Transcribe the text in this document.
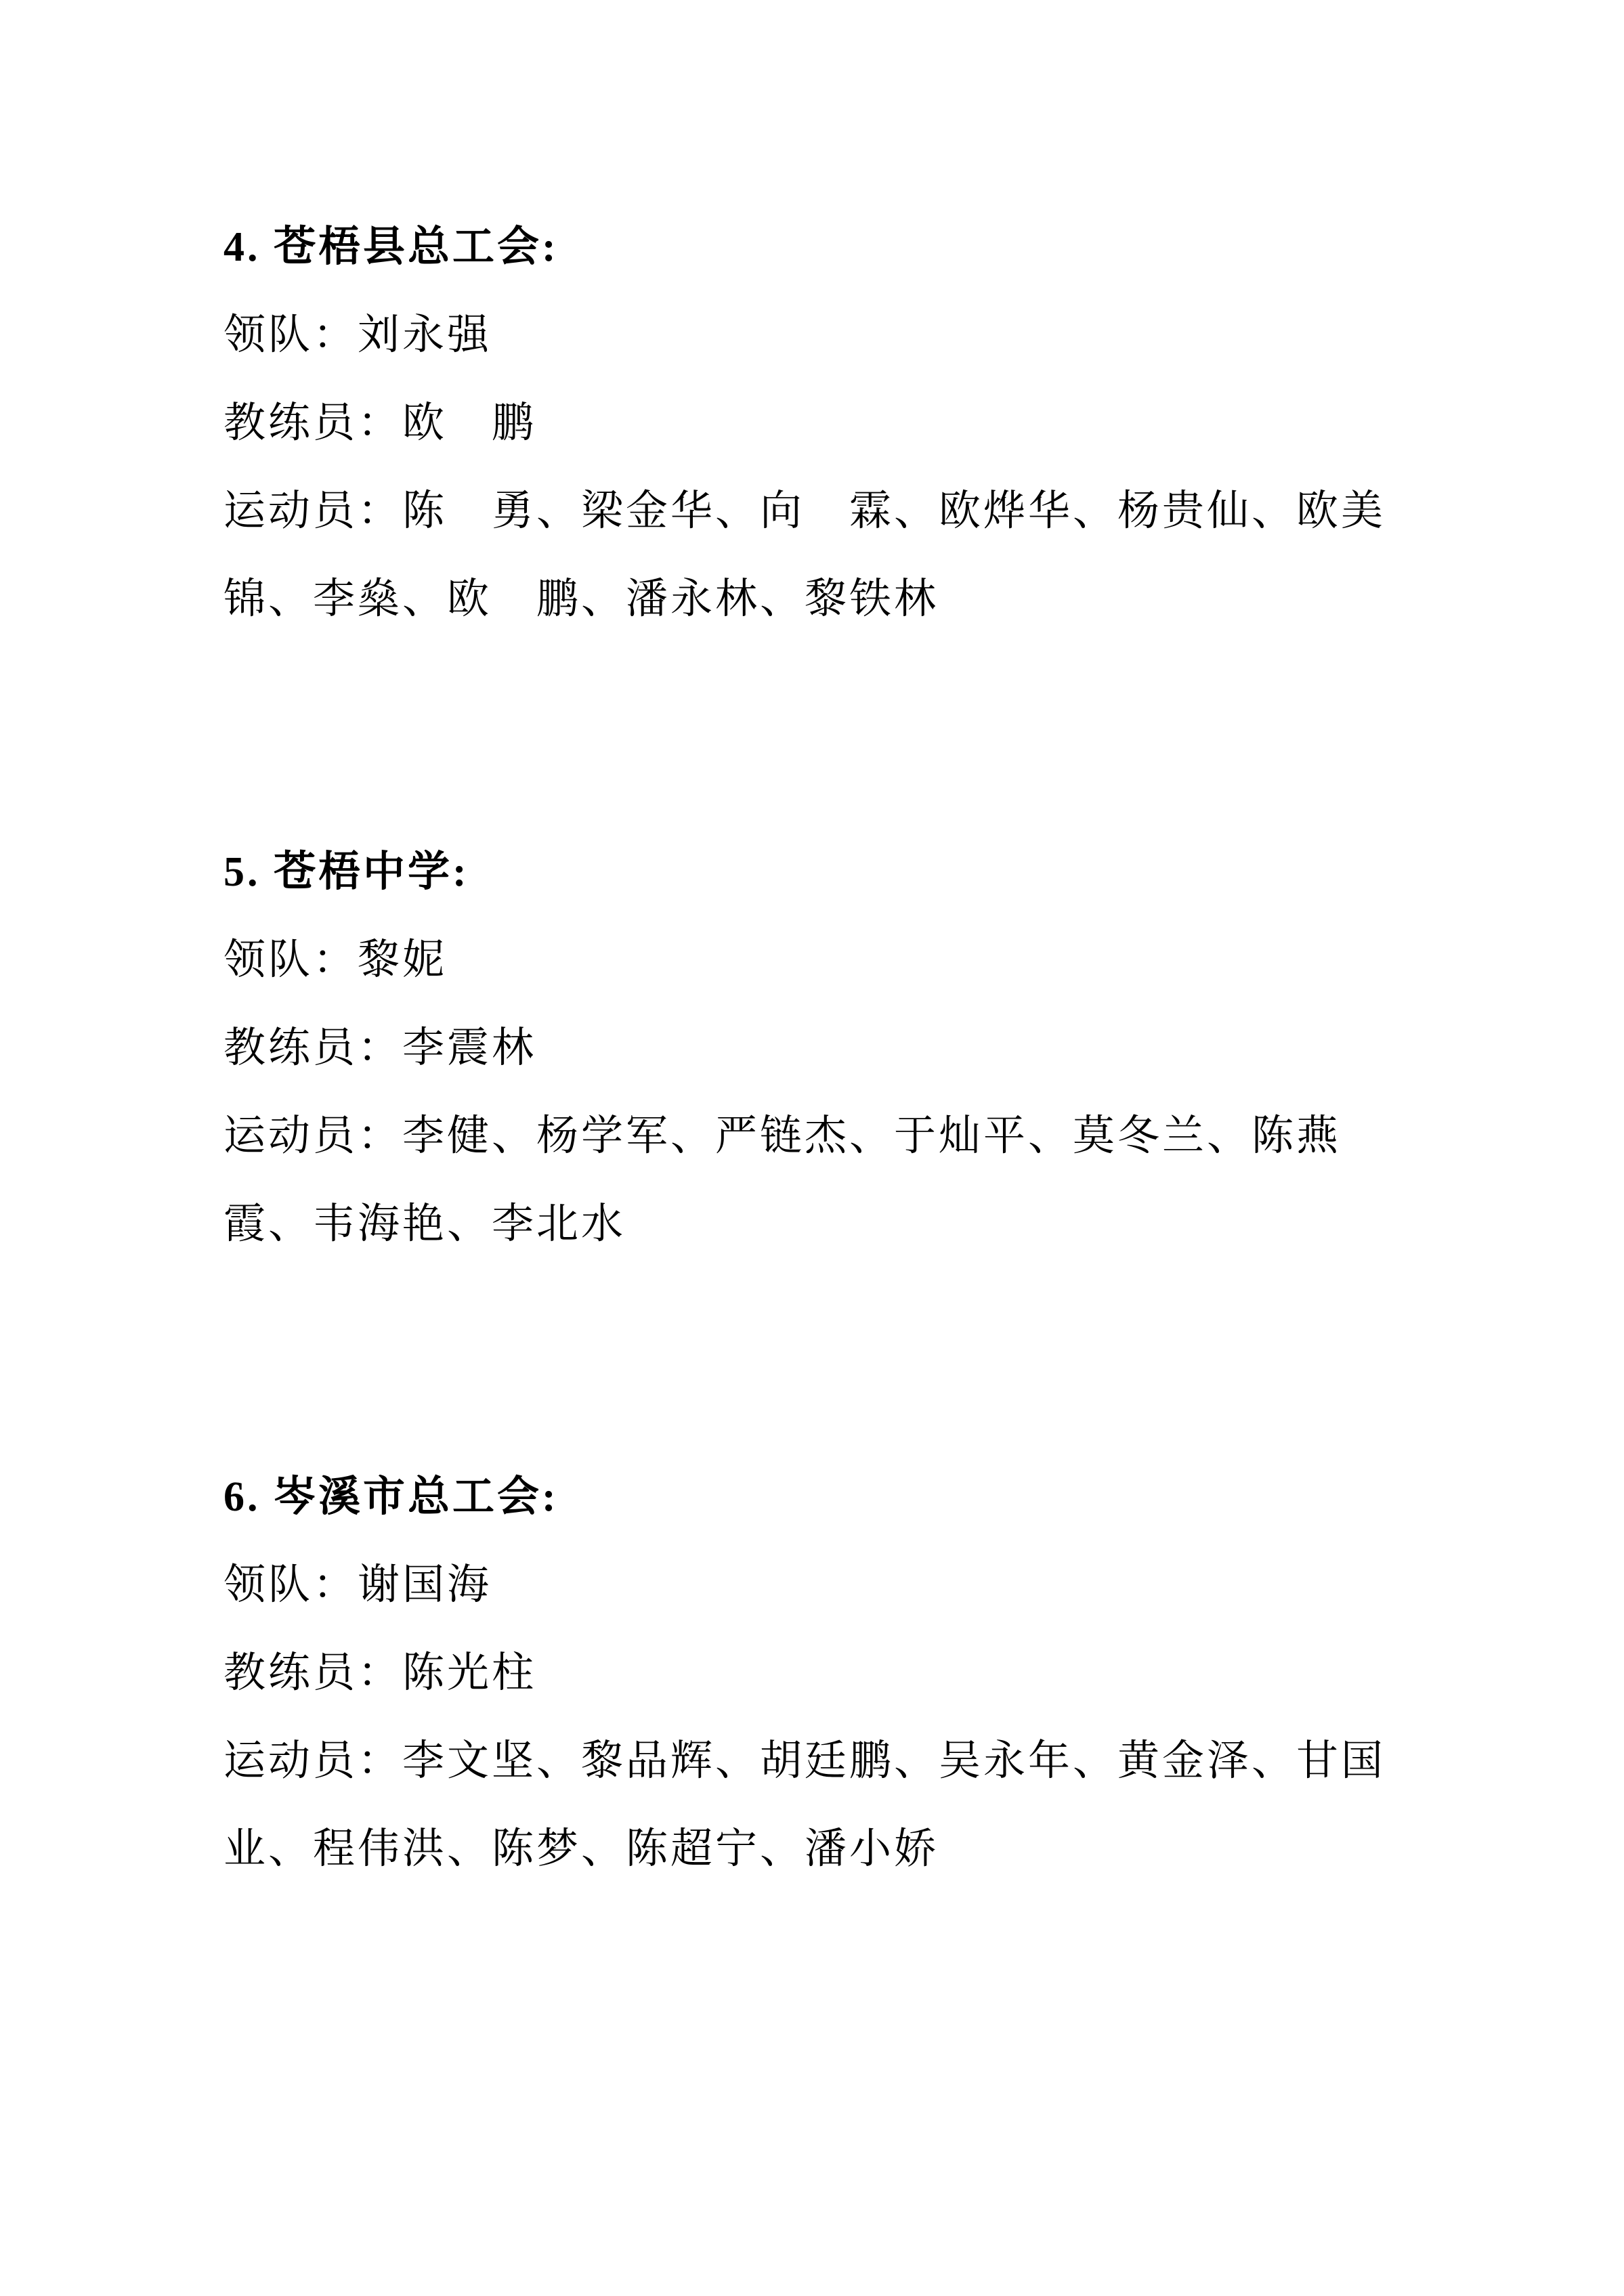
4. 苍梧县总工会:

领队：刘永强

教练员：欧　鹏

运动员：陈　勇、梁金华、向　霖、欧烨华、杨贵仙、欧美锦、李燊、欧　鹏、潘永林、黎铁林

5. 苍梧中学:

领队：黎妮

教练员：李震林

运动员：李健、杨学军、严链杰、于灿平、莫冬兰、陈燕霞、韦海艳、李北水

6. 岑溪市总工会:

领队：谢国海

教练员：陈光柱

运动员：李文坚、黎品辉、胡廷鹏、吴永年、黄金泽、甘国业、程伟洪、陈梦、陈超宁、潘小娇
